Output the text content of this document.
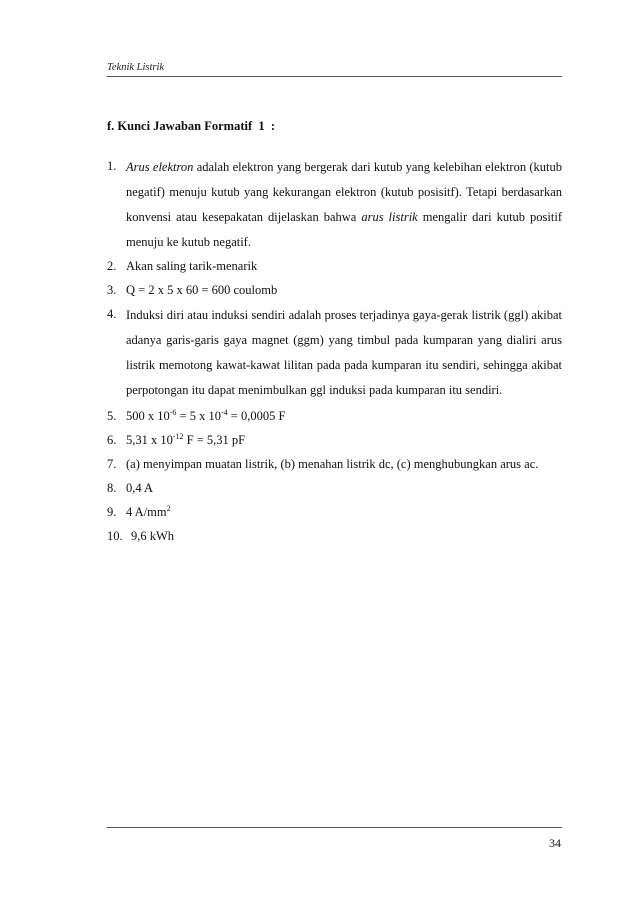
Teknik Listrik
f. Kunci Jawaban Formatif  1  :
1. Arus elektron adalah elektron yang bergerak dari kutub yang kelebihan elektron (kutub negatif) menuju kutub yang kekurangan elektron (kutub posisitf). Tetapi berdasarkan konvensi atau kesepakatan dijelaskan bahwa arus listrik mengalir dari kutub positif menuju ke kutub negatif.
2. Akan saling tarik-menarik
3. Q = 2 x 5 x 60 = 600 coulomb
4. Induksi diri atau induksi sendiri adalah proses terjadinya gaya-gerak listrik (ggl) akibat adanya garis-garis gaya magnet (ggm) yang timbul pada kumparan yang dialiri arus listrik memotong kawat-kawat lilitan pada pada kumparan itu sendiri, sehingga akibat perpotongan itu dapat menimbulkan ggl induksi pada kumparan itu sendiri.
5. 500 x $10^{-6} = 5$ x $10^{-4} = 0,0005$ F
6. 5,31 x $10^{-12}$ F = 5,31 pF
7. (a) menyimpan muatan listrik, (b) menahan listrik dc, (c) menghubungkan arus ac.
8. 0,4 A
9. 4 $A/mm^2$
10. 9,6 kWh
34
